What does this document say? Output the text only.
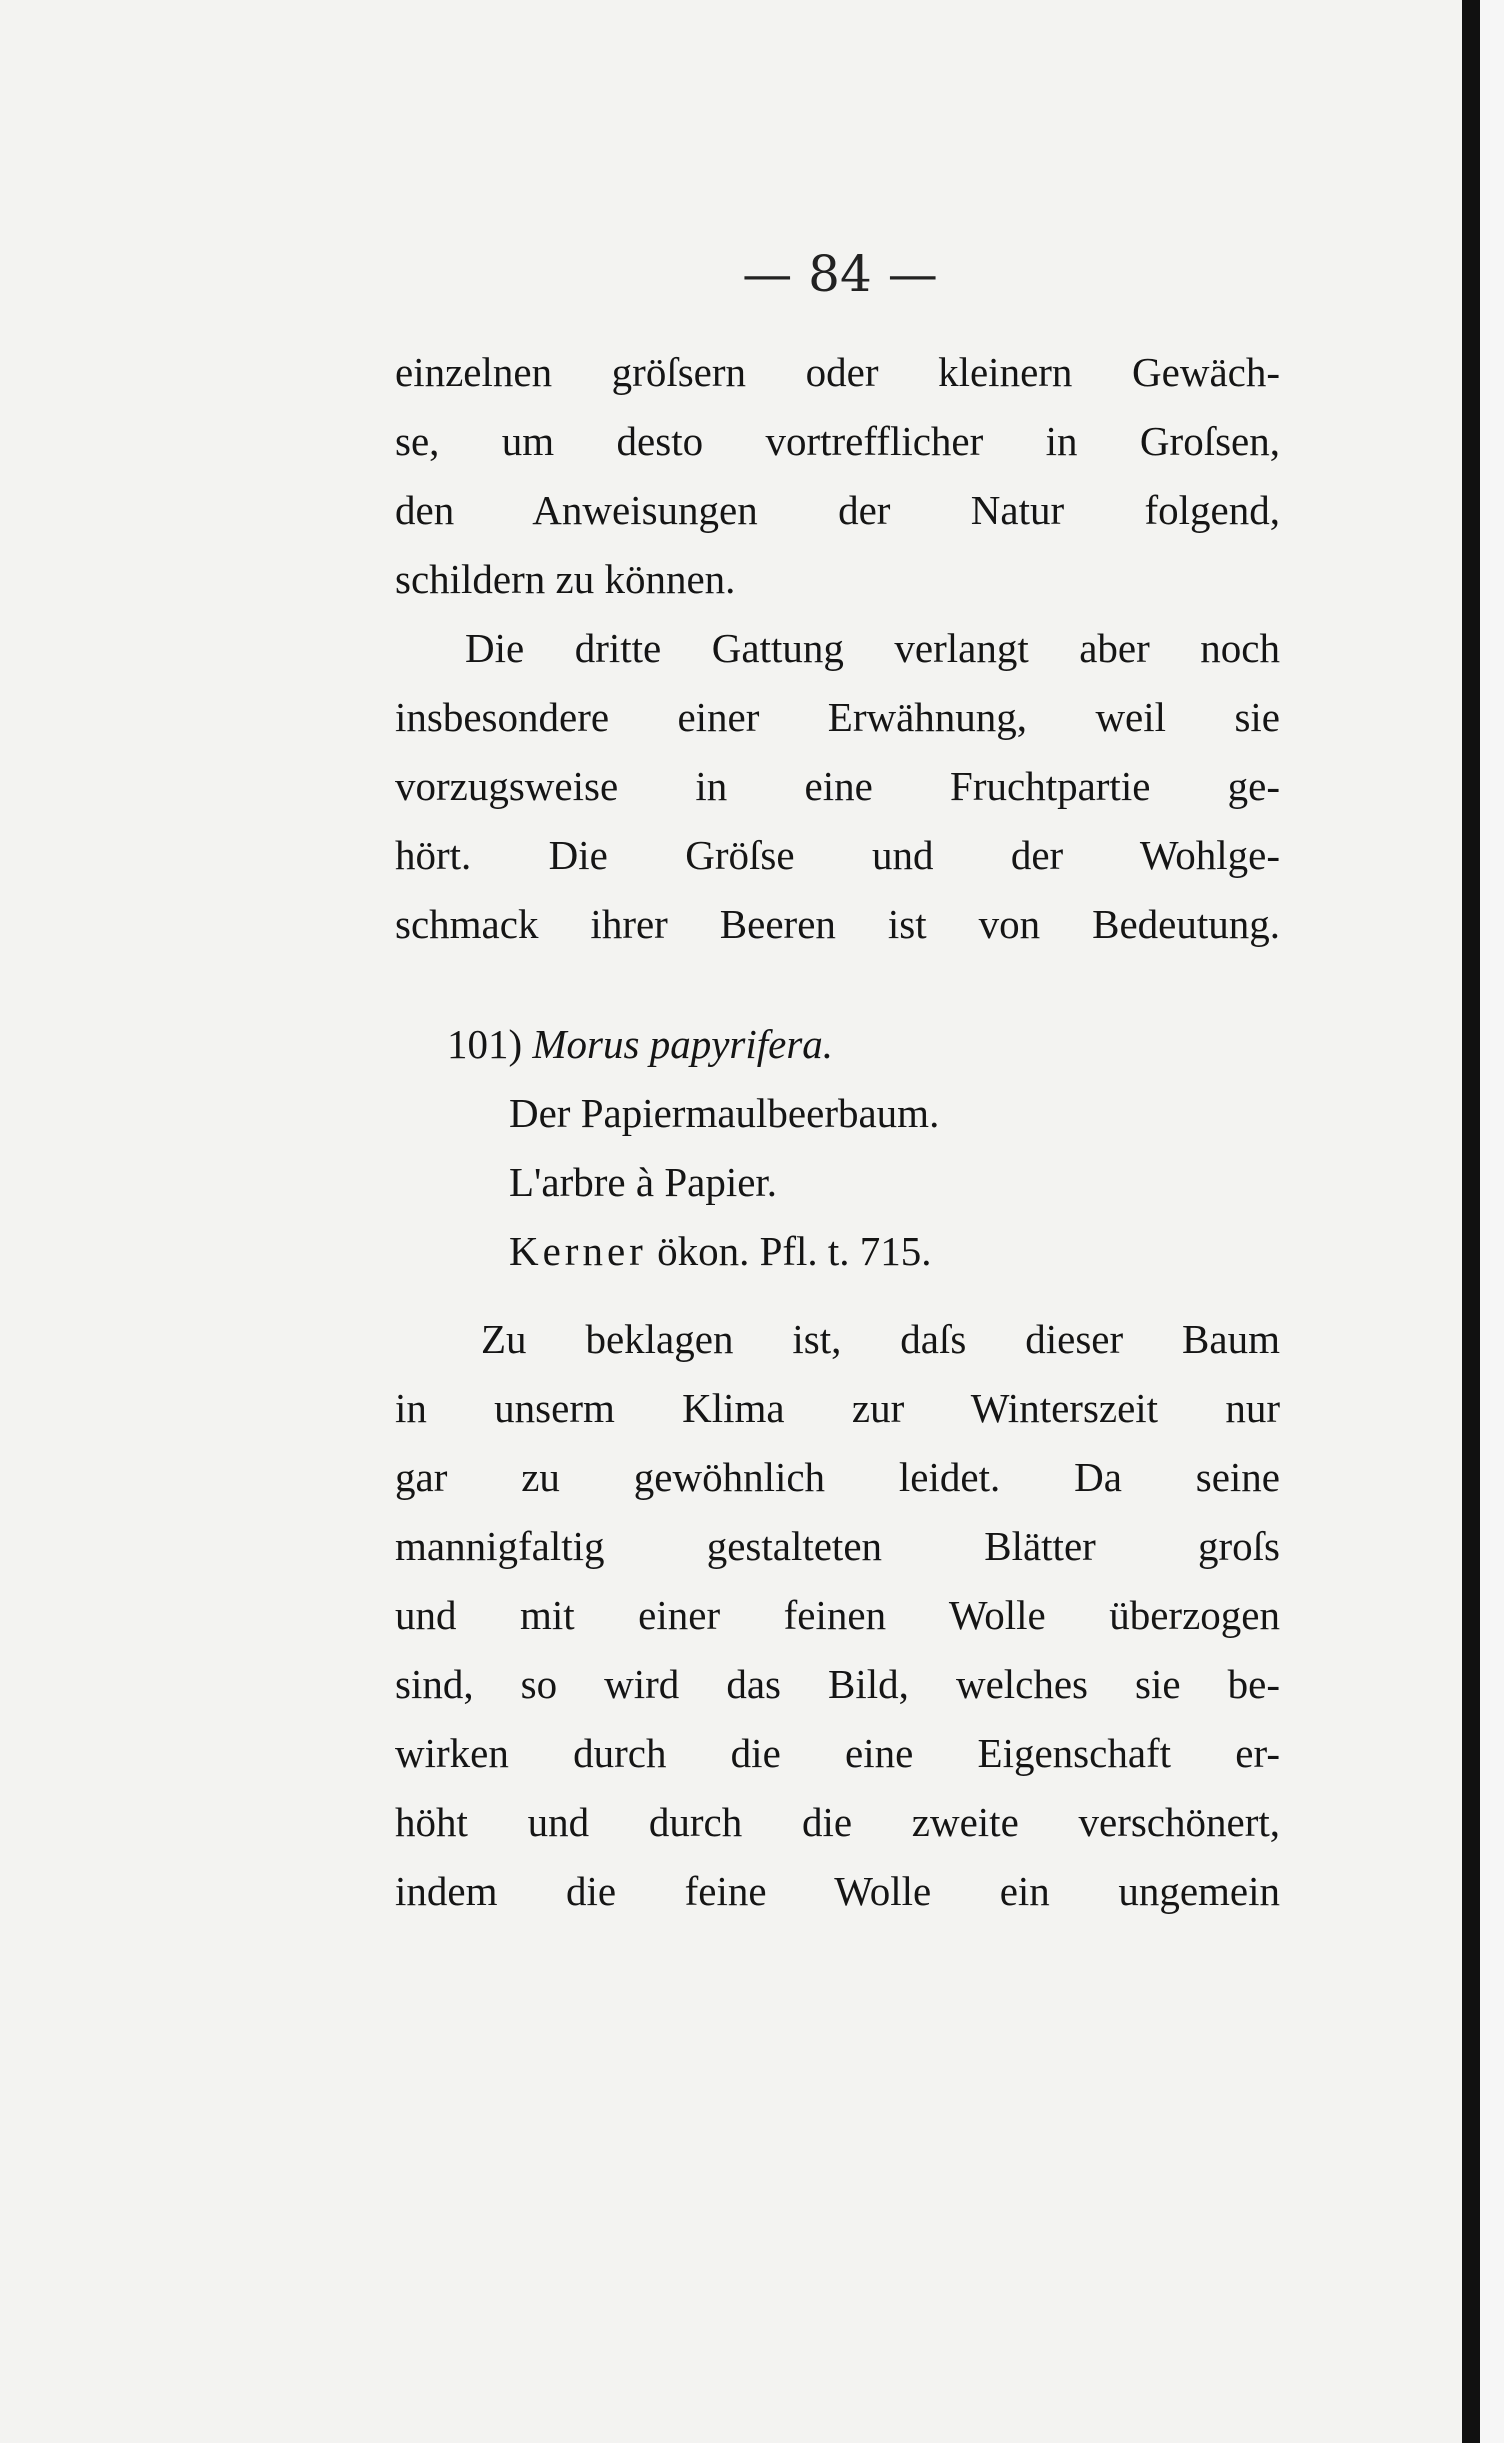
— 84 —
einzelnen gröſsern oder kleinern Gewäch-
se, um desto vortrefflicher in Groſsen,
den Anweisungen der Natur folgend,
schildern zu können.
Die dritte Gattung verlangt aber noch
insbesondere einer Erwähnung, weil sie
vorzugsweise in eine Fruchtpartie ge-
hört. Die Gröſse und der Wohlge-
schmack ihrer Beeren ist von Bedeutung.
101) Morus papyrifera.
Der Papiermaulbeerbaum.
L'arbre à Papier.
Kerner ökon. Pfl. t. 715.
Zu beklagen ist, daſs dieser Baum
in unserm Klima zur Winterszeit nur
gar zu gewöhnlich leidet. Da seine
mannigfaltig gestalteten Blätter groſs
und mit einer feinen Wolle überzogen
sind, so wird das Bild, welches sie be-
wirken durch die eine Eigenschaft er-
höht und durch die zweite verschönert,
indem die feine Wolle ein ungemein
